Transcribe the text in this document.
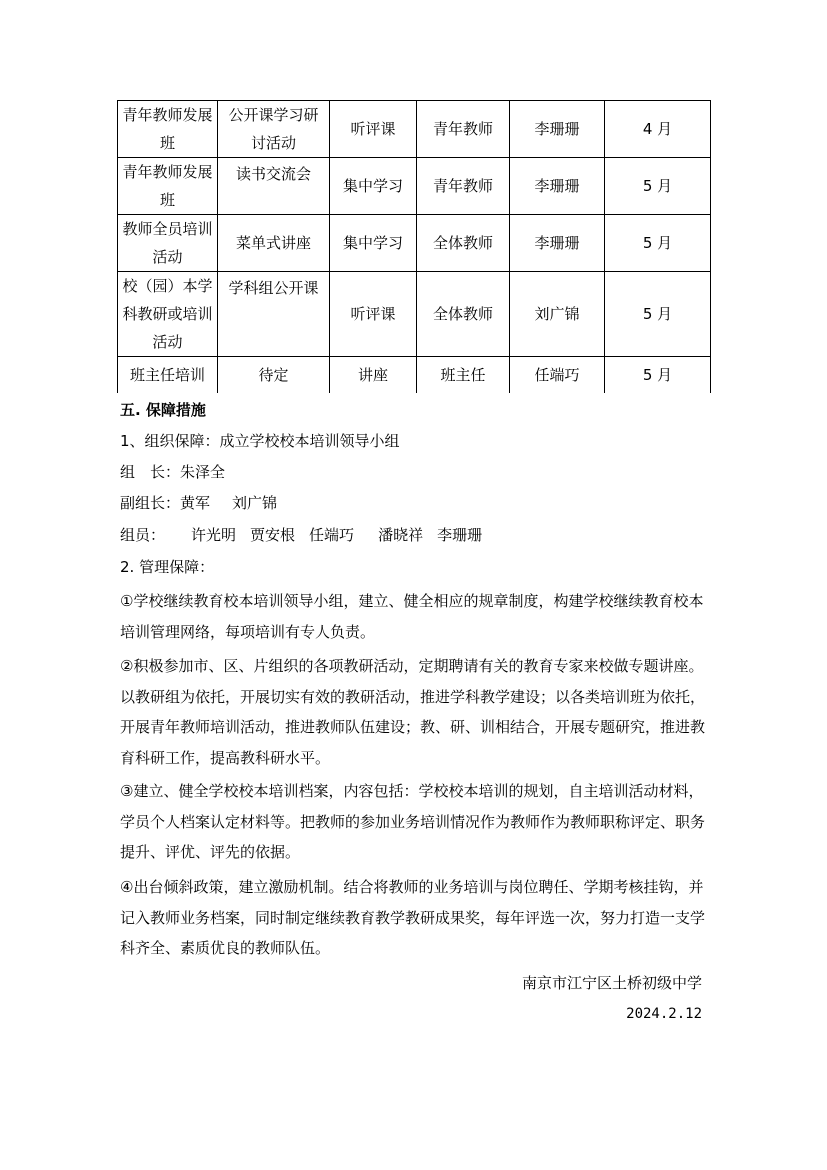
青年教师发展班	公开课学习研讨活动	听评课	青年教师	李珊珊	4 月
青年教师发展班	读书交流会	集中学习	青年教师	李珊珊	5 月
教师全员培训活动	菜单式讲座	集中学习	全体教师	李珊珊	5 月
校（园）本学科教研或培训活动	学科组公开课	听评课	全体教师	刘广锦	5 月
班主任培训	待定	讲座	班主任	任端巧	5 月
五. 保障措施
1、组织保障：成立学校校本培训领导小组
组　长：朱泽全
副组长：黄军 刘广锦
组员： 许光明 贾安根 任端巧 潘晓祥 李珊珊
2. 管理保障：
①学校继续教育校本培训领导小组，建立、健全相应的规章制度，构建学校继续教育校本培训管理网络，每项培训有专人负责。
②积极参加市、区、片组织的各项教研活动，定期聘请有关的教育专家来校做专题讲座。以教研组为依托，开展切实有效的教研活动，推进学科教学建设；以各类培训班为依托，开展青年教师培训活动，推进教师队伍建设；教、研、训相结合，开展专题研究，推进教育科研工作，提高教科研水平。
③建立、健全学校校本培训档案，内容包括：学校校本培训的规划，自主培训活动材料，学员个人档案认定材料等。把教师的参加业务培训情况作为教师作为教师职称评定、职务提升、评优、评先的依据。
④出台倾斜政策，建立激励机制。结合将教师的业务培训与岗位聘任、学期考核挂钩，并记入教师业务档案，同时制定继续教育教学教研成果奖，每年评选一次，努力打造一支学科齐全、素质优良的教师队伍。
南京市江宁区土桥初级中学
2024.2.12
